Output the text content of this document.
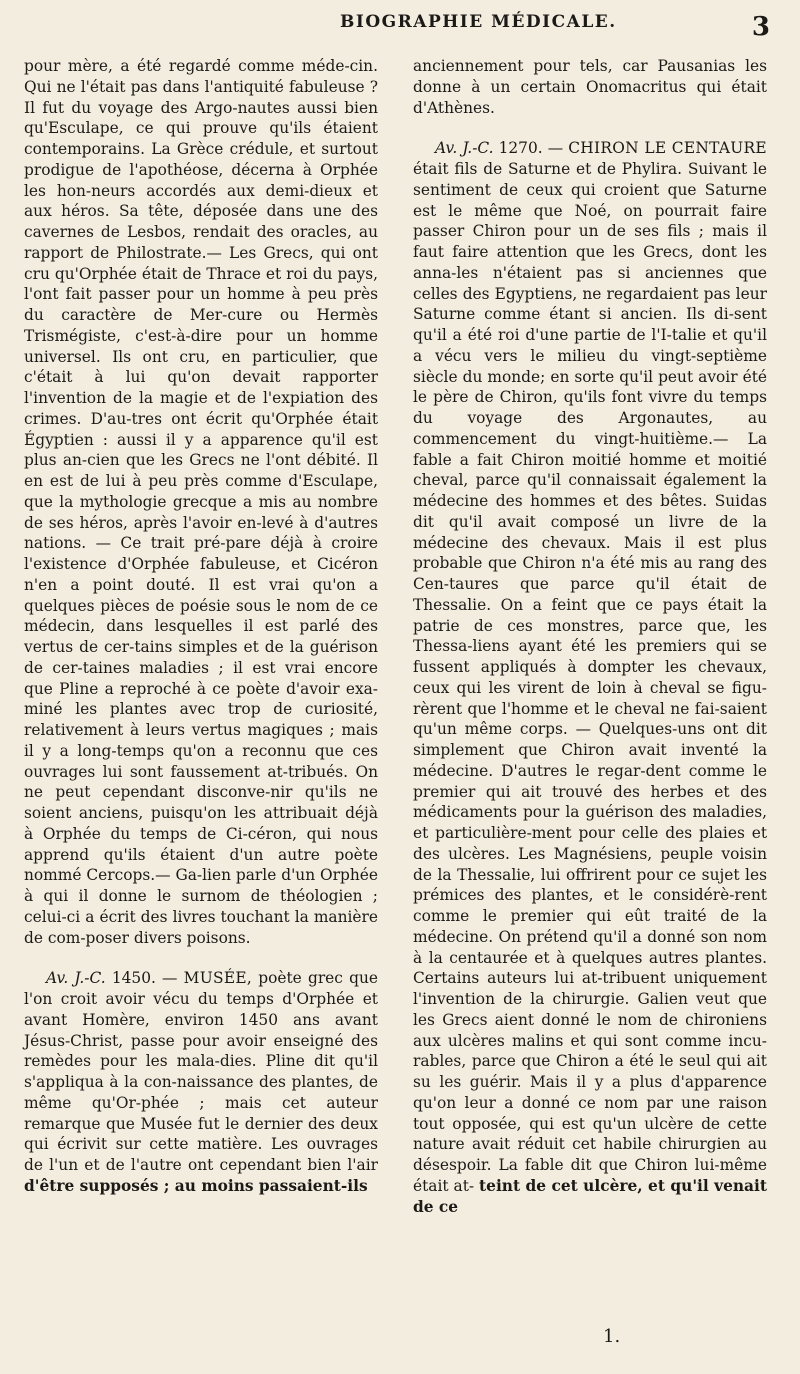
BIOGRAPHIE MÉDICALE.	3

pour mère, a été regardé comme méde-cin. Qui ne l'était pas dans l'antiquité fabuleuse ? Il fut du voyage des Argo-nautes aussi bien qu'Esculape, ce qui prouve qu'ils étaient contemporains. La Grèce crédule, et surtout prodigue de l'apothéose, décerna à Orphée les hon-neurs accordés aux demi-dieux et aux héros. Sa tête, déposée dans une des cavernes de Lesbos, rendait des oracles, au rapport de Philostrate.— Les Grecs, qui ont cru qu'Orphée était de Thrace et roi du pays, l'ont fait passer pour un homme à peu près du caractère de Mer-cure ou Hermès Trismégiste, c'est-à-dire pour un homme universel. Ils ont cru, en particulier, que c'était à lui qu'on devait rapporter l'invention de la magie et de l'expiation des crimes. D'au-tres ont écrit qu'Orphée était Égyptien : aussi il y a apparence qu'il est plus an-cien que les Grecs ne l'ont débité. Il en est de lui à peu près comme d'Esculape, que la mythologie grecque a mis au nombre de ses héros, après l'avoir en-levé à d'autres nations. — Ce trait pré-pare déjà à croire l'existence d'Orphée fabuleuse, et Cicéron n'en a point douté. Il est vrai qu'on a quelques pièces de poésie sous le nom de ce médecin, dans lesquelles il est parlé des vertus de cer-tains simples et de la guérison de cer-taines maladies ; il est vrai encore que Pline a reproché à ce poète d'avoir exa-miné les plantes avec trop de curiosité, relativement à leurs vertus magiques ; mais il y a long-temps qu'on a reconnu que ces ouvrages lui sont faussement at-tribués. On ne peut cependant disconve-nir qu'ils ne soient anciens, puisqu'on les attribuait déjà à Orphée du temps de Ci-céron, qui nous apprend qu'ils étaient d'un autre poète nommé Cercops.— Ga-lien parle d'un Orphée à qui il donne le surnom de théologien ; celui-ci a écrit des livres touchant la manière de com-poser divers poisons.

Av. J.-C. 1450. — MUSÉE, poète grec que l'on croit avoir vécu du temps d'Orphée et avant Homère, environ 1450 ans avant Jésus-Christ, passe pour avoir enseigné des remèdes pour les mala-dies. Pline dit qu'il s'appliqua à la con-naissance des plantes, de même qu'Or-phée ; mais cet auteur remarque que Musée fut le dernier des deux qui écrivit sur cette matière. Les ouvrages de l'un et de l'autre ont cependant bien l'air d'être supposés ; au moins passaient-ils

anciennement pour tels, car Pausanias les donne à un certain Onomacritus qui était d'Athènes.

Av. J.-C. 1270. — CHIRON LE CENTAURE était fils de Saturne et de Phylira. Suivant le sentiment de ceux qui croient que Saturne est le même que Noé, on pourrait faire passer Chiron pour un de ses fils ; mais il faut faire attention que les Grecs, dont les anna-les n'étaient pas si anciennes que celles des Egyptiens, ne regardaient pas leur Saturne comme étant si ancien. Ils di-sent qu'il a été roi d'une partie de l'I-talie et qu'il a vécu vers le milieu du vingt-septième siècle du monde; en sorte qu'il peut avoir été le père de Chiron, qu'ils font vivre du temps du voyage des Argonautes, au commencement du vingt-huitième.— La fable a fait Chiron moitié homme et moitié cheval, parce qu'il connaissait également la médecine des hommes et des bêtes. Suidas dit qu'il avait composé un livre de la médecine des chevaux. Mais il est plus probable que Chiron n'a été mis au rang des Cen-taures que parce qu'il était de Thessalie. On a feint que ce pays était la patrie de ces monstres, parce que, les Thessa-liens ayant été les premiers qui se fussent appliqués à dompter les chevaux, ceux qui les virent de loin à cheval se figu-rèrent que l'homme et le cheval ne fai-saient qu'un même corps. — Quelques-uns ont dit simplement que Chiron avait inventé la médecine. D'autres le regar-dent comme le premier qui ait trouvé des herbes et des médicaments pour la guérison des maladies, et particulière-ment pour celle des plaies et des ulcères. Les Magnésiens, peuple voisin de la Thessalie, lui offrirent pour ce sujet les prémices des plantes, et le considérè-rent comme le premier qui eût traité de la médecine. On prétend qu'il a donné son nom à la centaurée et à quelques autres plantes. Certains auteurs lui at-tribuent uniquement l'invention de la chirurgie. Galien veut que les Grecs aient donné le nom de chironiens aux ulcères malins et qui sont comme incu-rables, parce que Chiron a été le seul qui ait su les guérir. Mais il y a plus d'apparence qu'on leur a donné ce nom par une raison tout opposée, qui est qu'un ulcère de cette nature avait réduit cet habile chirurgien au désespoir. La fable dit que Chiron lui-même était at- teint de cet ulcère, et qu'il venait de ce

1.
